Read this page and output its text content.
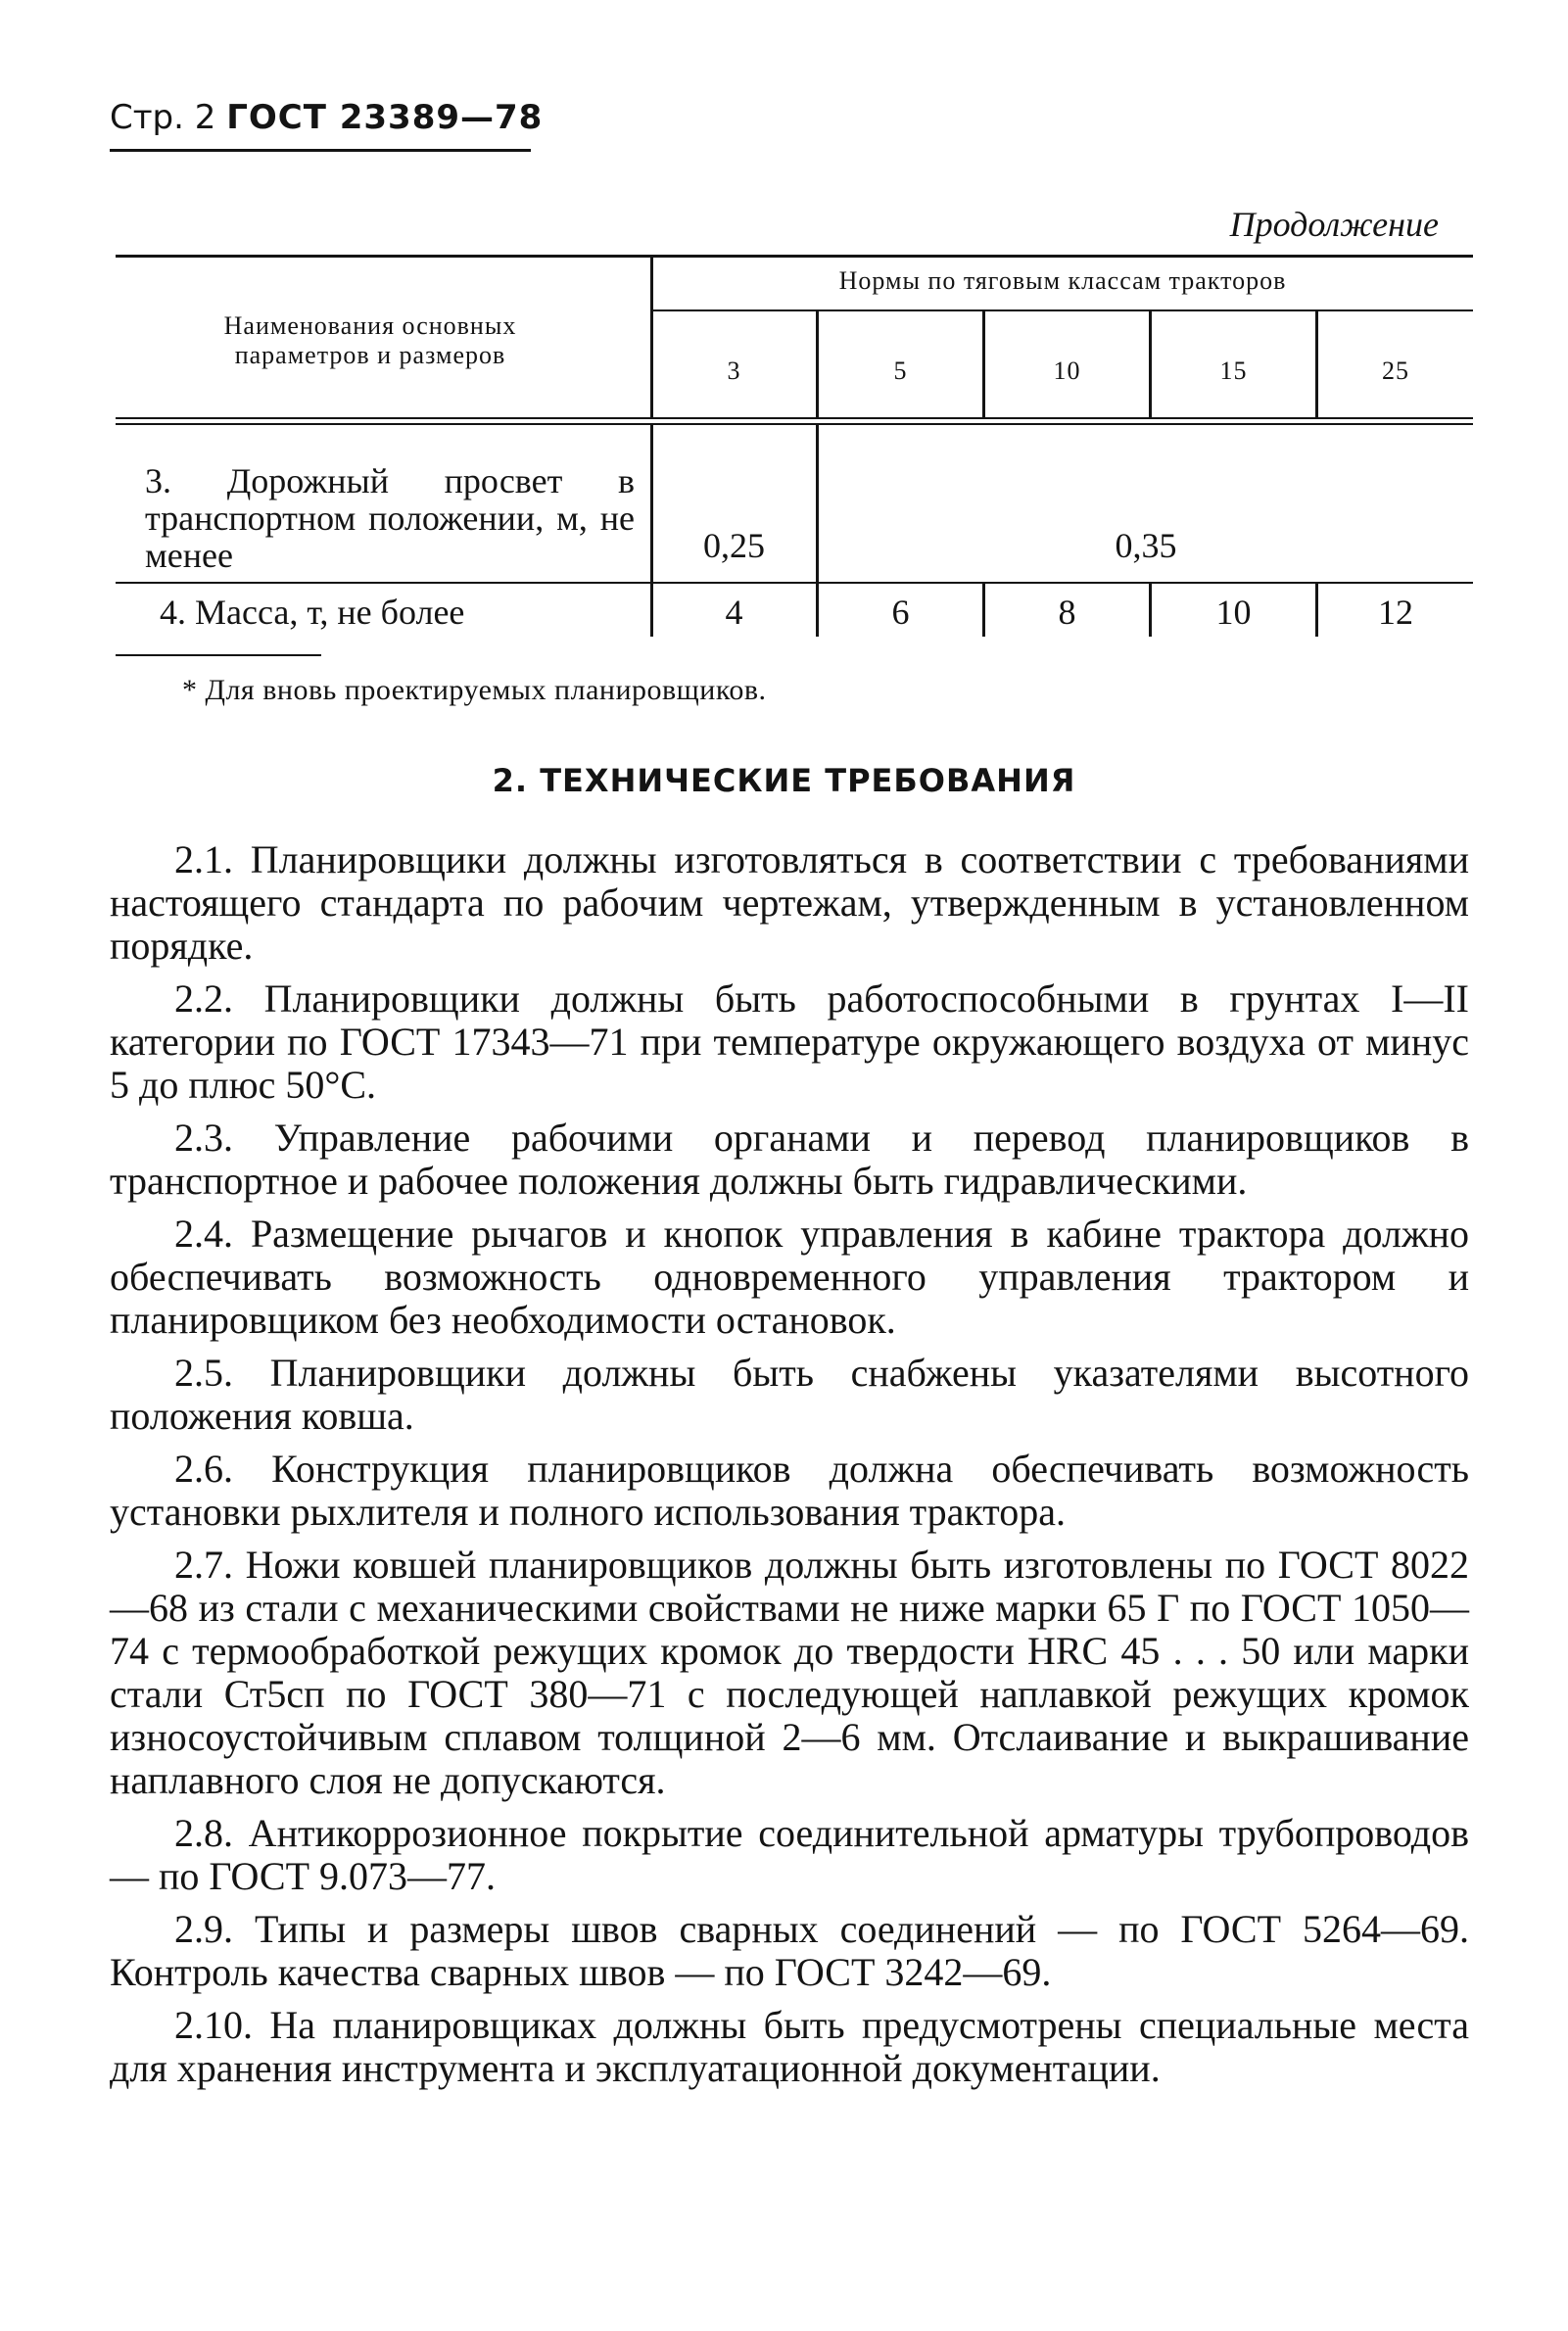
Стр. 2 ГОСТ 23389—78
Продолжение
Наименования основных параметров и размеров
Нормы по тяговым классам тракторов
3	5	10	15	25
3. Дорожный просвет в транспортном положении, м, не менее	0,25	0,35
4. Масса, т, не более	4	6	8	10	12
* Для вновь проектируемых планировщиков.
2. ТЕХНИЧЕСКИЕ ТРЕБОВАНИЯ

2.1. Планировщики должны изготовляться в соответствии с требованиями настоящего стандарта по рабочим чертежам, утвержденным в установленном порядке.

2.2. Планировщики должны быть работоспособными в грунтах I—II категории по ГОСТ 17343—71 при температуре окружающего воздуха от минус 5 до плюс 50°С.

2.3. Управление рабочими органами и перевод планировщиков в транспортное и рабочее положения должны быть гидравлическими.

2.4. Размещение рычагов и кнопок управления в кабине трактора должно обеспечивать возможность одновременного управления трактором и планировщиком без необходимости остановок.

2.5. Планировщики должны быть снабжены указателями высотного положения ковша.

2.6. Конструкция планировщиков должна обеспечивать возможность установки рыхлителя и полного использования трактора.

2.7. Ножи ковшей планировщиков должны быть изготовлены по ГОСТ 8022—68 из стали с механическими свойствами не ниже марки 65 Г по ГОСТ 1050—74 с термообработкой режущих кромок до твердости HRC 45 . . . 50 или марки стали Ст5сп по ГОСТ 380—71 с последующей наплавкой режущих кромок износоустойчивым сплавом толщиной 2—6 мм. Отслаивание и выкрашивание наплавного слоя не допускаются.

2.8. Антикоррозионное покрытие соединительной арматуры трубопроводов — по ГОСТ 9.073—77.

2.9. Типы и размеры швов сварных соединений — по ГОСТ 5264—69. Контроль качества сварных швов — по ГОСТ 3242—69.

2.10. На планировщиках должны быть предусмотрены специальные места для хранения инструмента и эксплуатационной документации.
